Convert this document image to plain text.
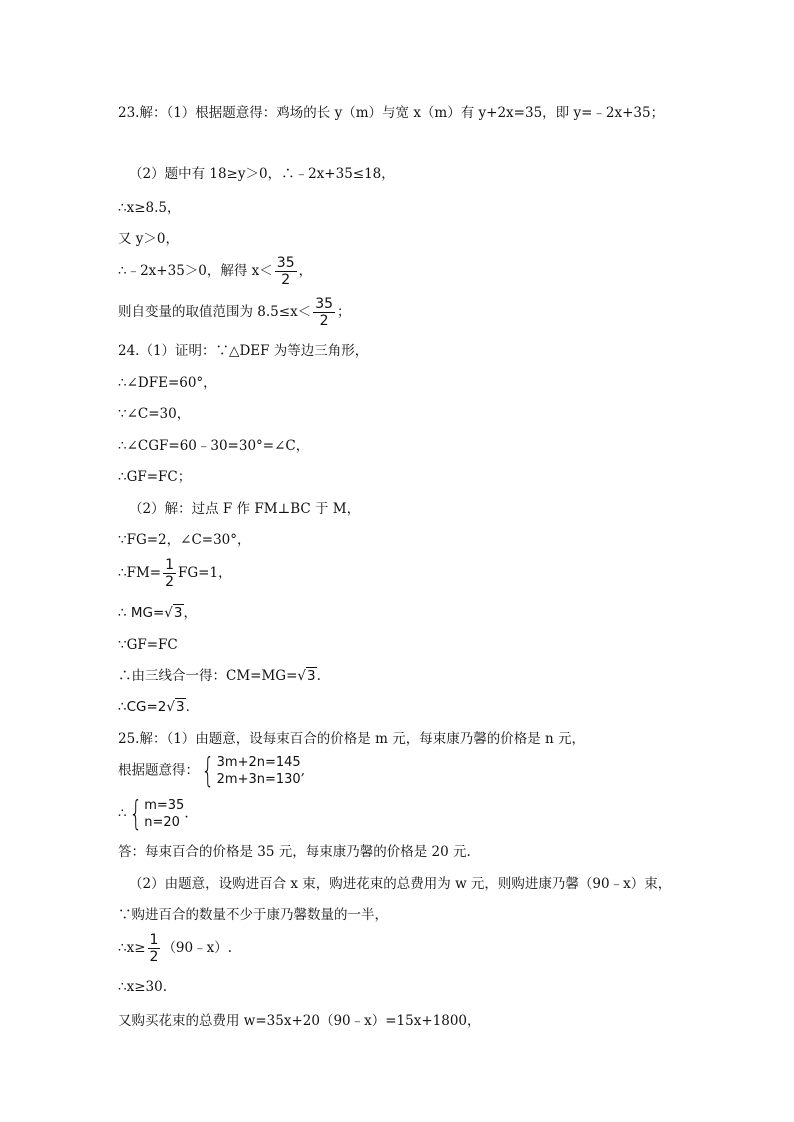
23.解：（1）根据题意得：鸡场的长 y（m）与宽 x（m）有 y+2x=35，即 y=﹣2x+35；
（2）题中有 18≥y＞0，∴﹣2x+35≤18，
∴x≥8.5，
又 y＞0，
∴﹣2x+35＞0，解得 $x< \frac{35}{2}$ ，
则自变量的取值范围为 $8.5\le x< \frac{35}{2}$ ；
24.（1）证明：∵△DEF 为等边三角形，
∴∠DFE=60°，
∵∠C=30，
∴∠CGF=60﹣30=30°=∠C，
∴GF=FC；
（2）解：过点 F 作 FM⊥BC 于 M，
∵FG=2，∠C=30°，
∴FM= $\frac{1}{2} FG=1$，
∴ MG=√3，
∵GF=FC
∴由三线合一得：CM=MG=√3.
∴CG=2√3.
25.解：（1）由题意，设每束百合的价格是 m 元，每束康乃馨的价格是 n 元，
根据题意得：{ 3m+2n=145
2m+3n=130
,
∴{ m=35
n=20
.
答：每束百合的价格是 35 元，每束康乃馨的价格是 20 元.
（2）由题意，设购进百合 x 束，购进花束的总费用为 w 元，则购进康乃馨（90﹣x）束，
∵购进百合的数量不少于康乃馨数量的一半，
∴x≥ $\frac{1}{2}$ （90﹣x）.
∴x≥30.
又购买花束的总费用 w=35x+20（90﹣x）=15x+1800，
